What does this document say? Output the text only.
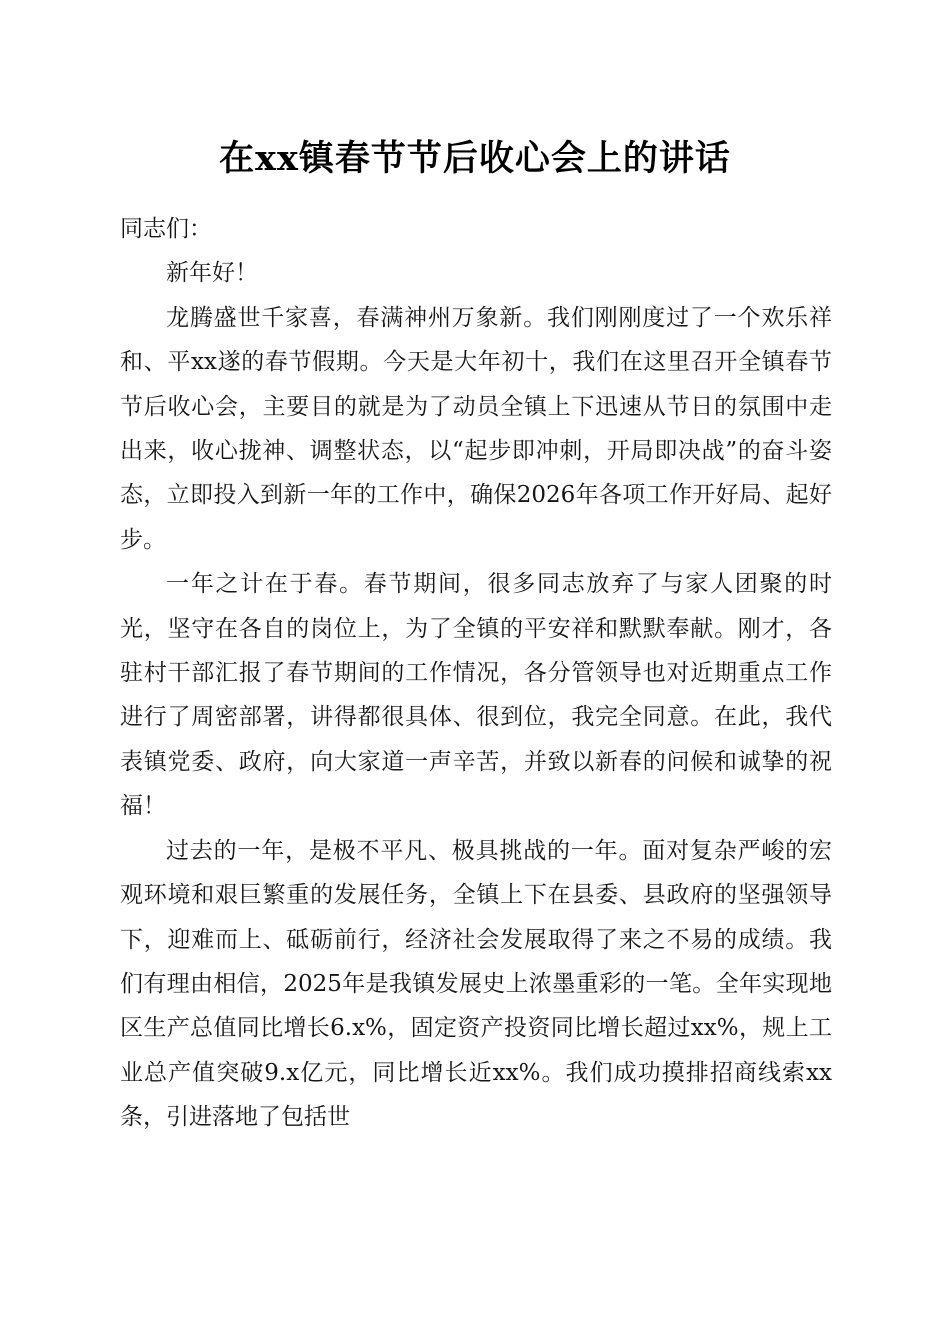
在xx镇春节节后收心会上的讲话

同志们：

新年好！

龙腾盛世千家喜，春满神州万象新。我们刚刚度过了一个欢乐祥和、平xx遂的春节假期。今天是大年初十，我们在这里召开全镇春节节后收心会，主要目的就是为了动员全镇上下迅速从节日的氛围中走出来，收心拢神、调整状态，以“起步即冲刺，开局即决战”的奋斗姿态，立即投入到新一年的工作中，确保2026年各项工作开好局、起好步。

一年之计在于春。春节期间，很多同志放弃了与家人团聚的时光，坚守在各自的岗位上，为了全镇的平安祥和默默奉献。刚才，各驻村干部汇报了春节期间的工作情况，各分管领导也对近期重点工作进行了周密部署，讲得都很具体、很到位，我完全同意。在此，我代表镇党委、政府，向大家道一声辛苦，并致以新春的问候和诚挚的祝福！

过去的一年，是极不平凡、极具挑战的一年。面对复杂严峻的宏观环境和艰巨繁重的发展任务，全镇上下在县委、县政府的坚强领导下，迎难而上、砥砺前行，经济社会发展取得了来之不易的成绩。我们有理由相信，2025年是我镇发展史上浓墨重彩的一笔。全年实现地区生产总值同比增长6.x%，固定资产投资同比增长超过xx%，规上工业总产值突破9.x亿元，同比增长近xx%。我们成功摸排招商线索xx条，引进落地了包括世
